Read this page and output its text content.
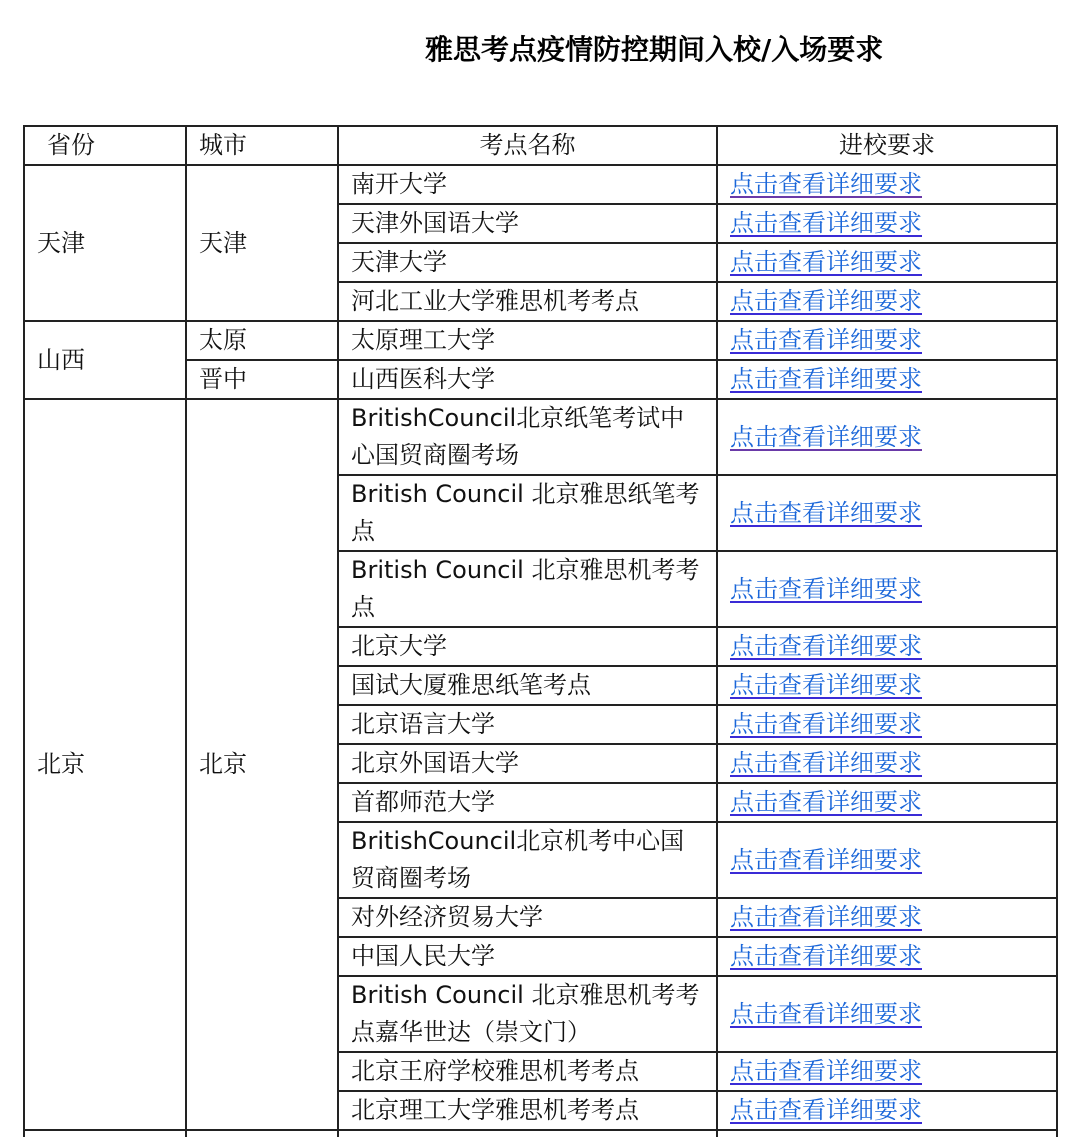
雅思考点疫情防控期间入校/入场要求
省份	城市	考点名称	进校要求
天津	天津	南开大学	点击查看详细要求
		天津外国语大学	点击查看详细要求
		天津大学	点击查看详细要求
		河北工业大学雅思机考考点	点击查看详细要求
山西	太原	太原理工大学	点击查看详细要求
	晋中	山西医科大学	点击查看详细要求
北京	北京	BritishCouncil北京纸笔考试中心国贸商圈考场	点击查看详细要求
		British Council 北京雅思纸笔考点	点击查看详细要求
		British Council 北京雅思机考考点	点击查看详细要求
		北京大学	点击查看详细要求
		国试大厦雅思纸笔考点	点击查看详细要求
		北京语言大学	点击查看详细要求
		北京外国语大学	点击查看详细要求
		首都师范大学	点击查看详细要求
		BritishCouncil北京机考中心国贸商圈考场	点击查看详细要求
		对外经济贸易大学	点击查看详细要求
		中国人民大学	点击查看详细要求
		British Council 北京雅思机考考点嘉华世达（崇文门）	点击查看详细要求
		北京王府学校雅思机考考点	点击查看详细要求
		北京理工大学雅思机考考点	点击查看详细要求
